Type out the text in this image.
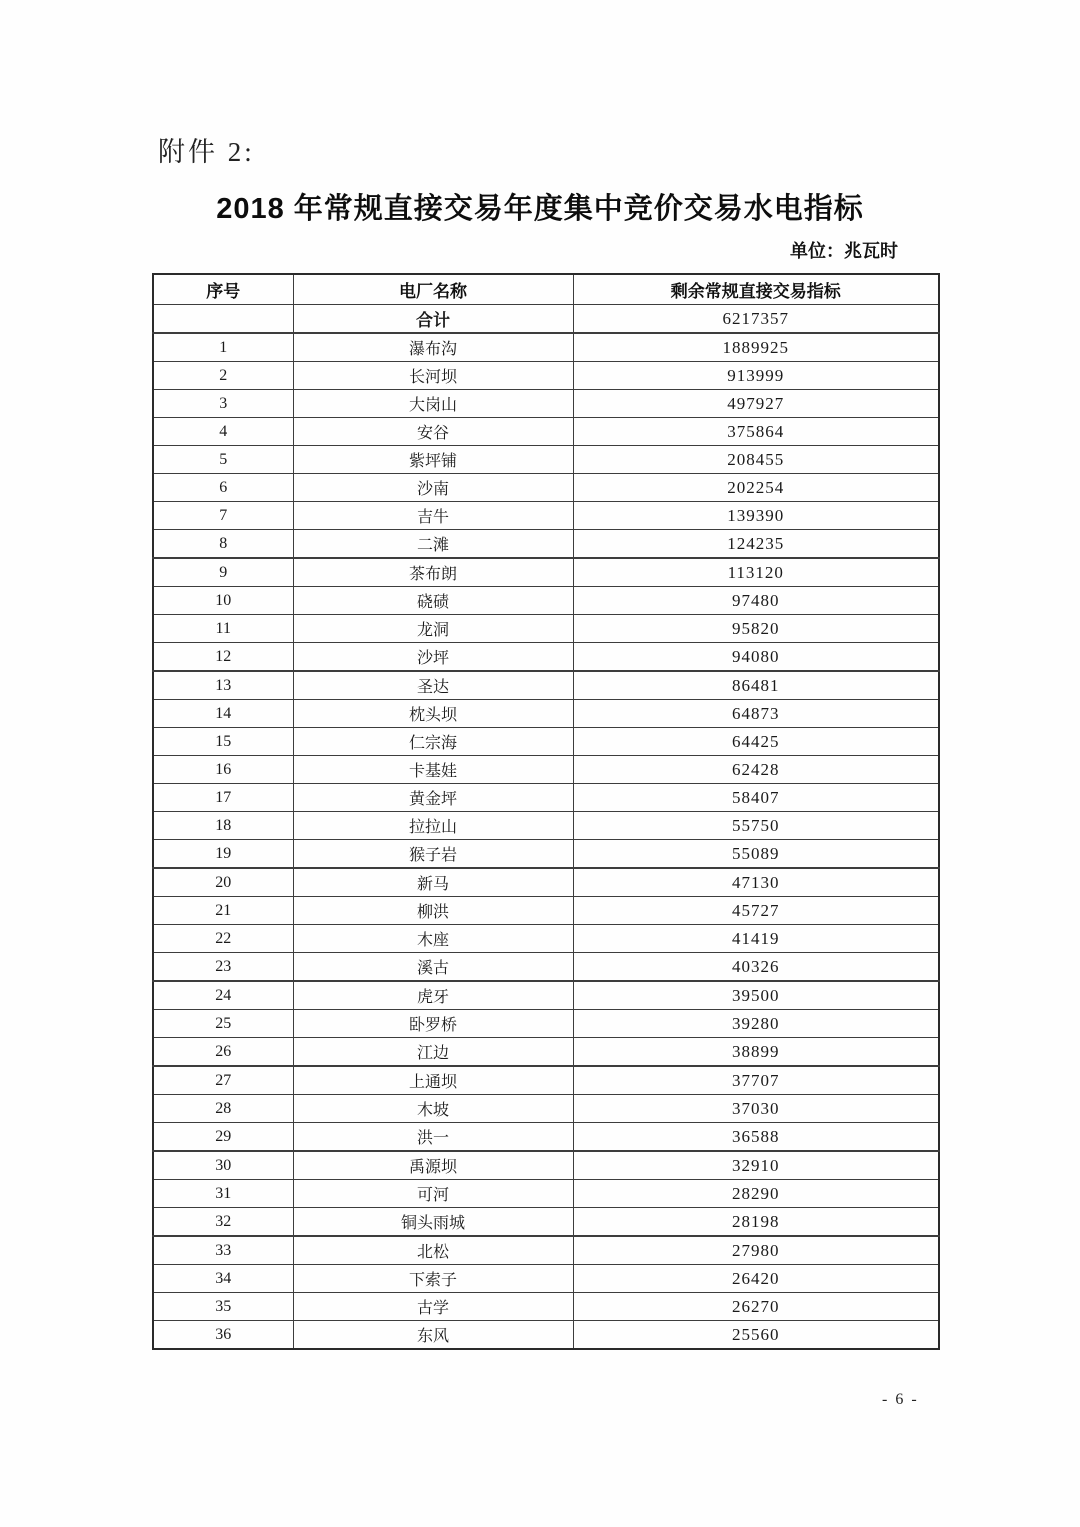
附件 2:
2018 年常规直接交易年度集中竞价交易水电指标
单位：兆瓦时
序号	电厂名称	剩余常规直接交易指标
	合计	6217357
1	瀑布沟	1889925
2	长河坝	913999
3	大岗山	497927
4	安谷	375864
5	紫坪铺	208455
6	沙南	202254
7	吉牛	139390
8	二滩	124235
9	茶布朗	113120
10	硗碛	97480
11	龙洞	95820
12	沙坪	94080
13	圣达	86481
14	枕头坝	64873
15	仁宗海	64425
16	卡基娃	62428
17	黄金坪	58407
18	拉拉山	55750
19	猴子岩	55089
20	新马	47130
21	柳洪	45727
22	木座	41419
23	溪古	40326
24	虎牙	39500
25	卧罗桥	39280
26	江边	38899
27	上通坝	37707
28	木坡	37030
29	洪一	36588
30	禹源坝	32910
31	可河	28290
32	铜头雨城	28198
33	北松	27980
34	下索子	26420
35	古学	26270
36	东风	25560
- 6 -
